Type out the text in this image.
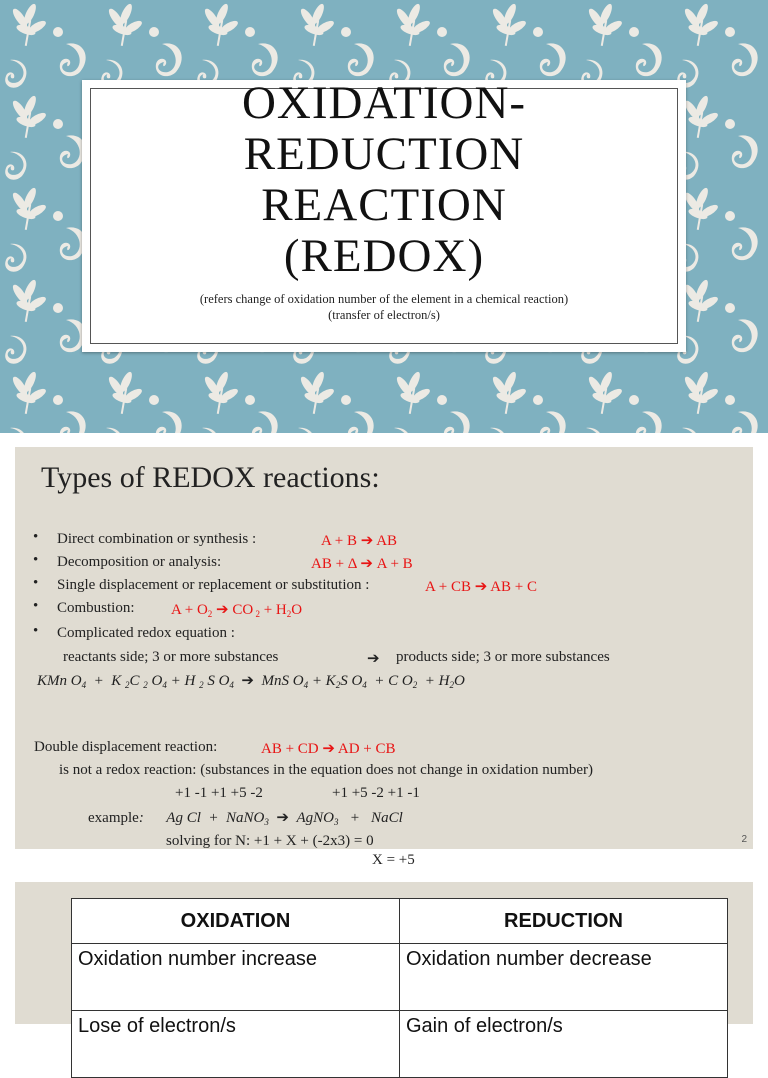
OXIDATION-
REDUCTION
REACTION
(REDOX)
(refers change of oxidation number of the element in a chemical reaction)
(transfer of electron/s)
Types of REDOX reactions:
• Direct combination or synthesis :	A + B ➔ AB
• Decomposition or analysis:	AB + Δ ➔ A + B
• Single displacement or replacement or substitution :	A + CB ➔ AB + C
• Combustion: $A + O_2$ ➔ CO $_2 + H_2O$
• Complicated redox equation :
reactants side; 3 or more substances	➔ products side; 3 or more substances
KMn $O_4 + K$ $_2$C $_2$ $O_4 + H$ $_2$ S $O_4$ ➔  MnS $O_4 + K_2S$ $O_4 + C$ $O_2 + H_2O$
Double displacement reaction:	AB + CD ➔ AD + CB
is not a redox reaction: (substances in the equation does not change in oxidation number)
+1 -1 +1 +5 -2	+1 +5 -2 +1 -1
example:      Ag Cl  +  NaNO$_3$ ➔  AgNO$_3$   +   NaCl
solving for N: +1 + X + (-2x3) = 0	2
X = +5
OXIDATION	REDUCTION
Oxidation number increase	Oxidation number decrease
Lose of electron/s	Gain of electron/s
